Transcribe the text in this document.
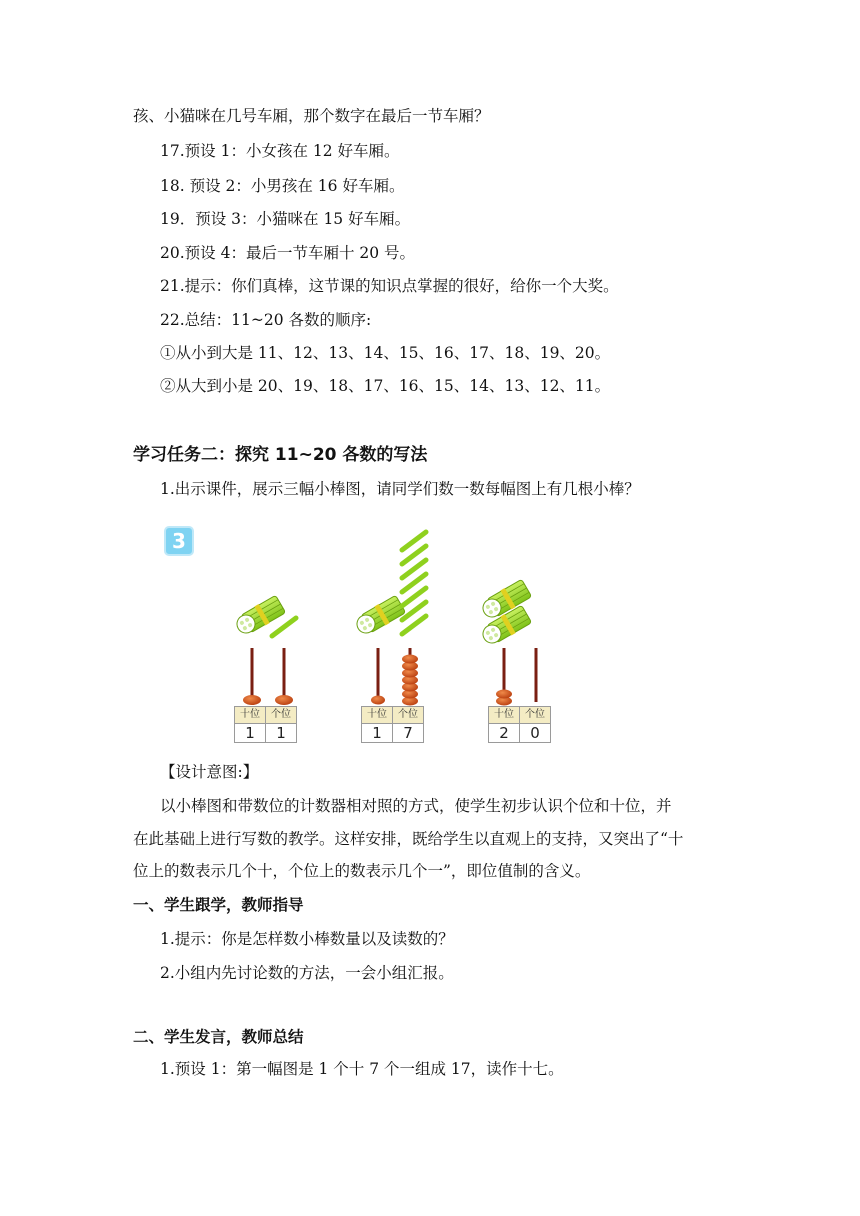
孩、小猫咪在几号车厢，那个数字在最后一节车厢？
17.预设 1：小女孩在 12 好车厢。
18. 预设 2：小男孩在 16 好车厢。
19．预设 3：小猫咪在 15 好车厢。
20.预设 4：最后一节车厢十 20 号。
21.提示：你们真棒，这节课的知识点掌握的很好，给你一个大奖。
22.总结：11~20 各数的顺序:
①从小到大是 11、12、13、14、15、16、17、18、19、20。
②从大到小是 20、19、18、17、16、15、14、13、12、11。
学习任务二：探究 11~20 各数的写法
1.出示课件，展示三幅小棒图，请同学们数一数每幅图上有几根小棒？
3
十位	个位
1	1
十位	个位
1	7
十位	个位
2	0
【设计意图:】
以小棒图和带数位的计数器相对照的方式，使学生初步认识个位和十位，并
在此基础上进行写数的教学。这样安排，既给学生以直观上的支持，又突出了“十
位上的数表示几个十，个位上的数表示几个一”，即位值制的含义。
一、学生跟学，教师指导
1.提示：你是怎样数小棒数量以及读数的？
2.小组内先讨论数的方法，一会小组汇报。
二、学生发言，教师总结
1.预设 1：第一幅图是 1 个十 7 个一组成 17，读作十七。
